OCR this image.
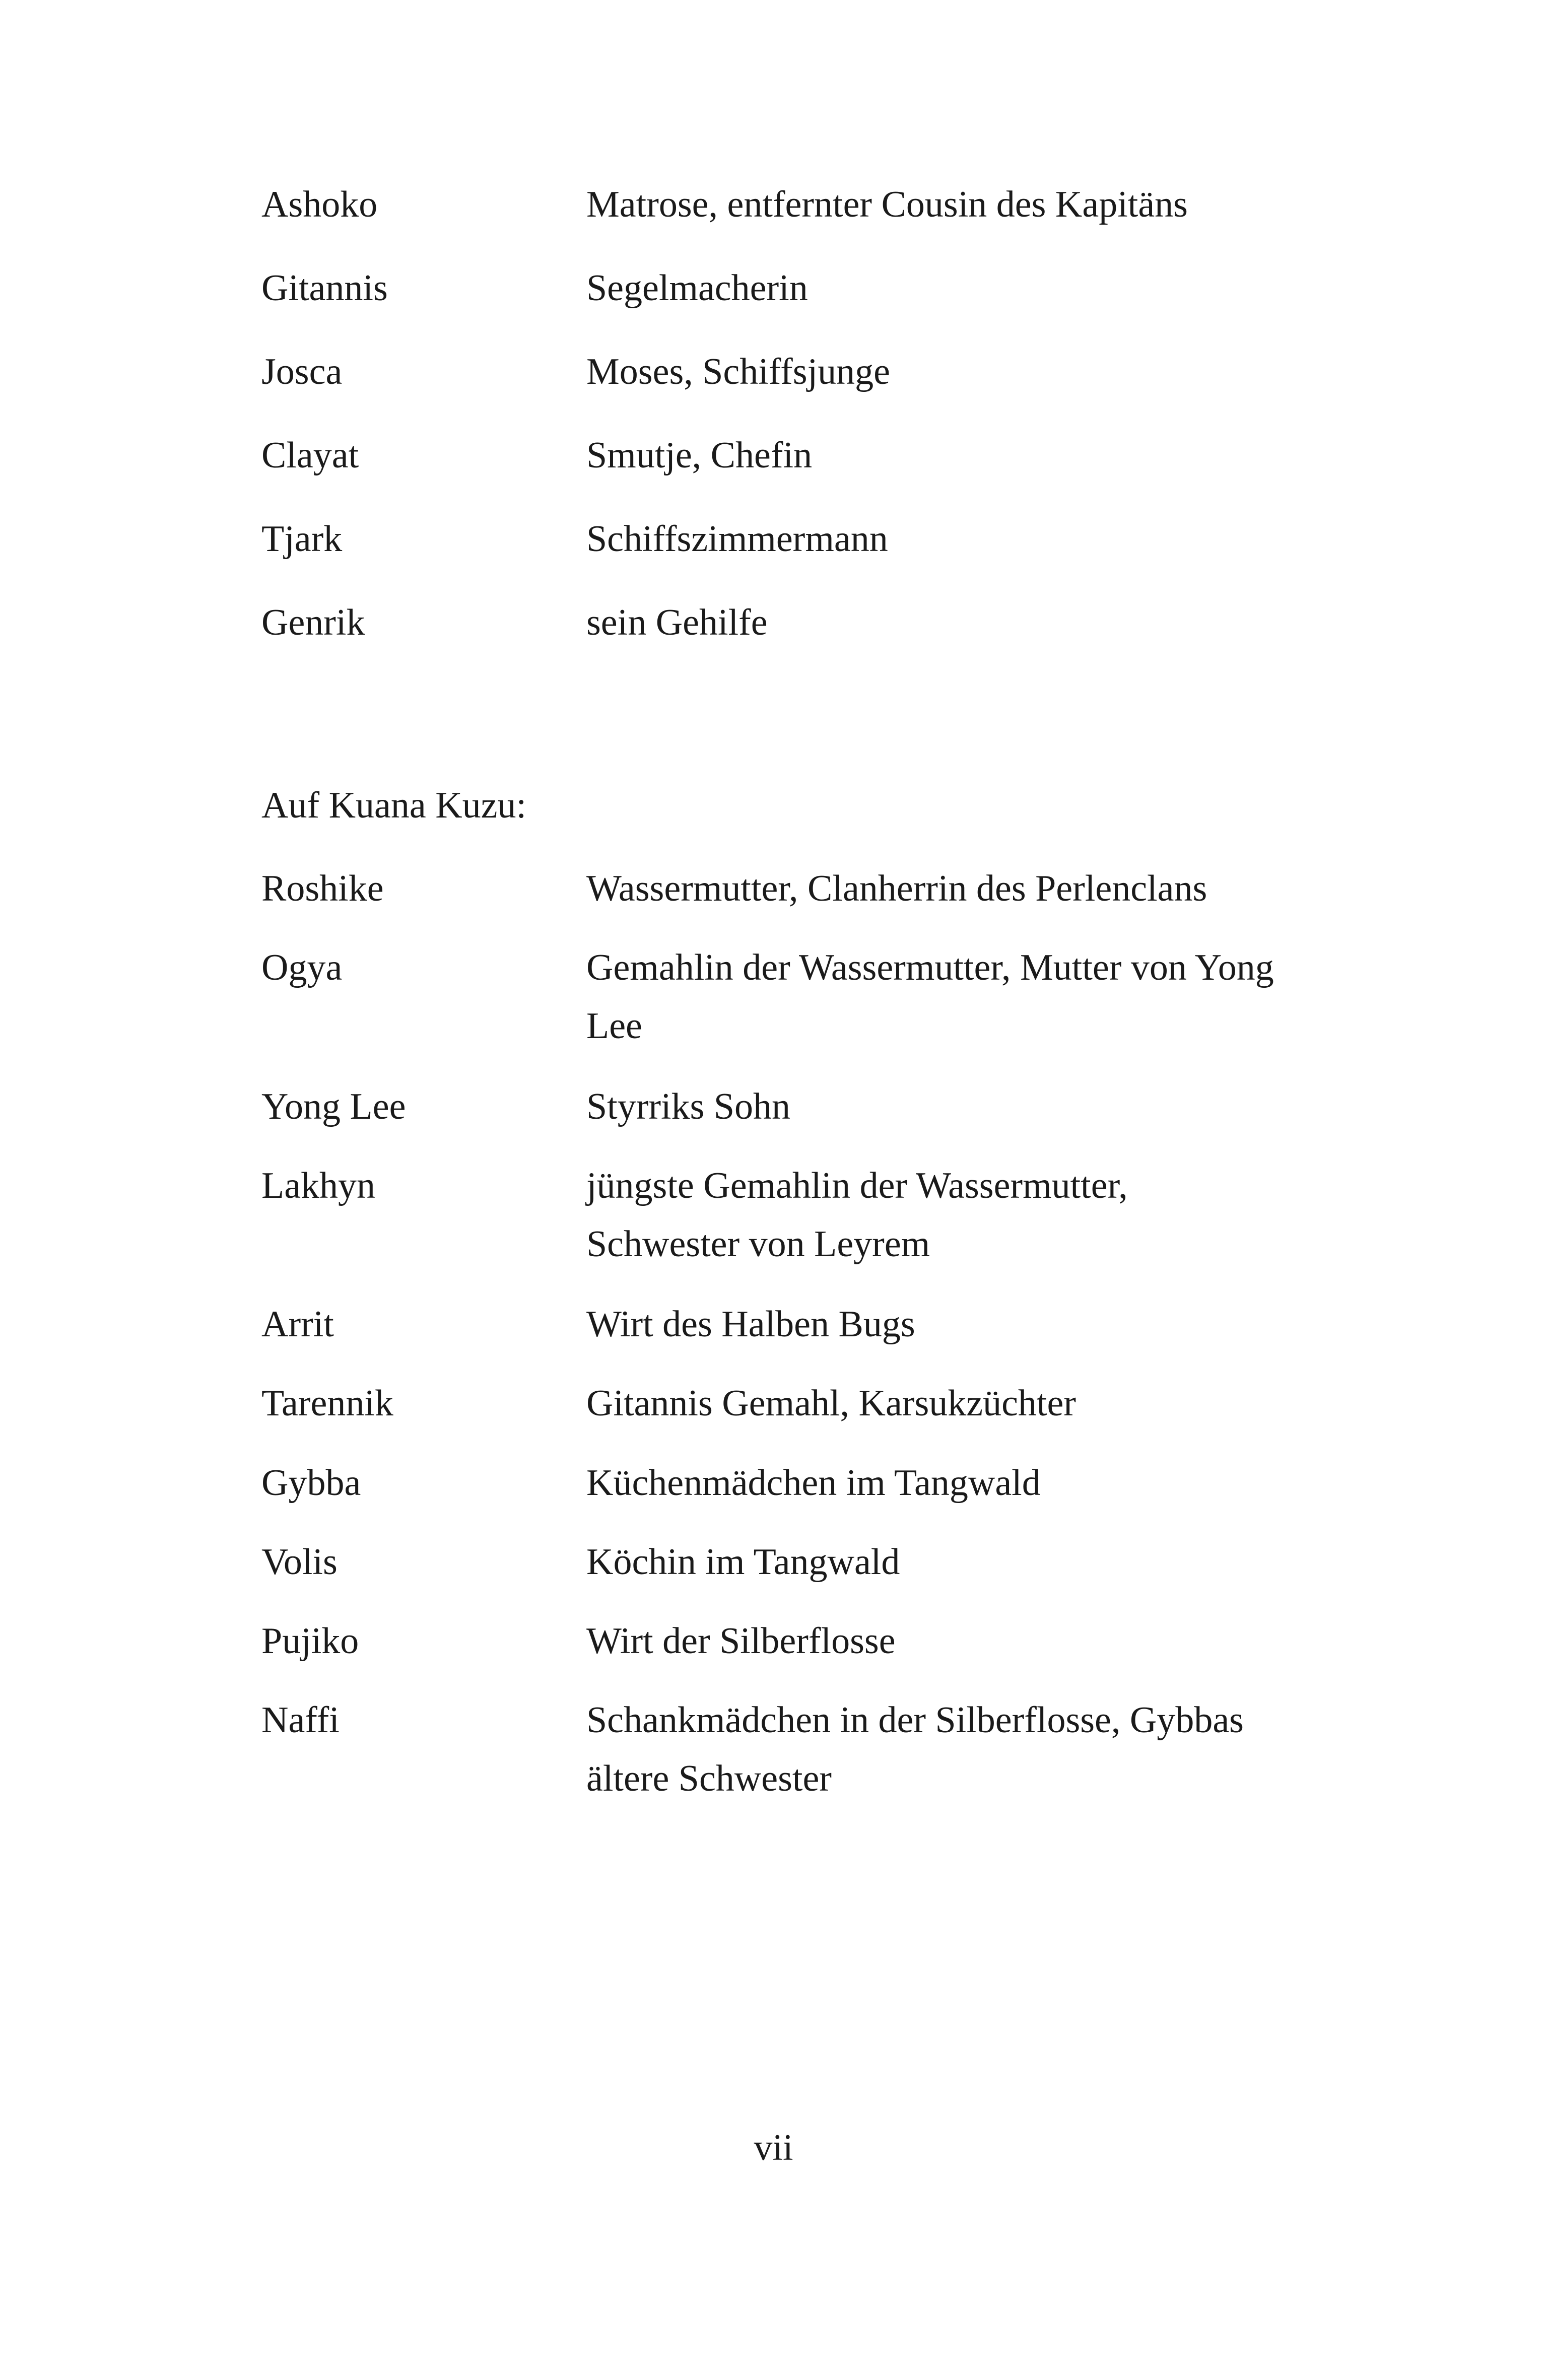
Ashoko	Matrose, entfernter Cousin des Kapitäns
Gitannis	Segelmacherin
Josca	Moses, Schiffsjunge
Clayat	Smutje, Chefin
Tjark	Schiffszimmermann
Genrik	sein Gehilfe
Auf Kuana Kuzu:
Roshike	Wassermutter, Clanherrin des Perlenclans
Ogya	Gemahlin der Wassermutter, Mutter von Yong
Lee
Yong Lee	Styrriks Sohn
Lakhyn	jüngste Gemahlin der Wassermutter,
Schwester von Leyrem
Arrit	Wirt des Halben Bugs
Tarennik	Gitannis Gemahl, Karsukzüchter
Gybba	Küchenmädchen im Tangwald
Volis	Köchin im Tangwald
Pujiko	Wirt der Silberflosse
Naffi	Schankmädchen in der Silberflosse, Gybbas
ältere Schwester
vii
